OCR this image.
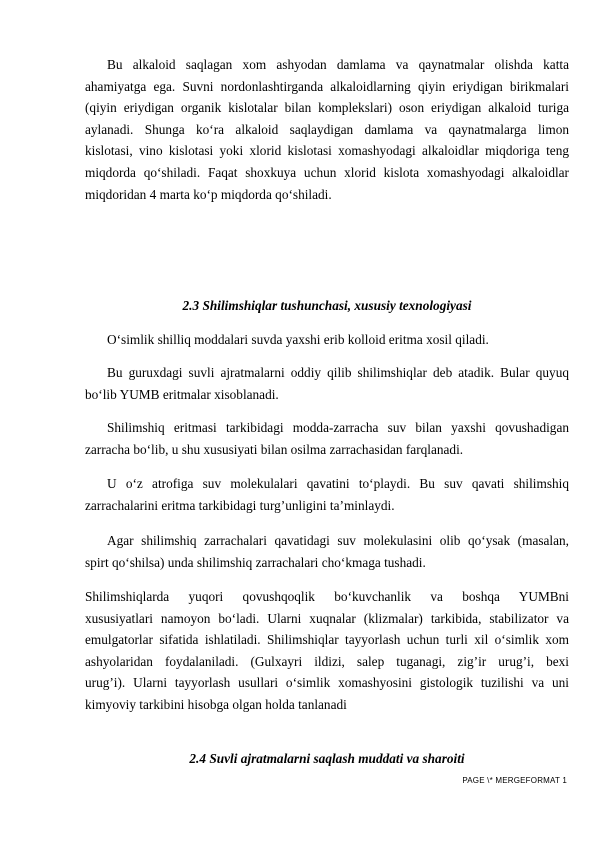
Bu alkaloid saqlagan xom ashyodan damlama va qaynatmalar olishda katta
ahamiyatga ega. Suvni nordonlashtirganda alkaloidlarning qiyin eriydigan birikmalari
(qiyin eriydigan organik kislotalar bilan komplekslari) oson eriydigan alkaloid turiga
aylanadi. Shunga ko‘ra alkaloid saqlaydigan damlama va qaynatmalarga limon
kislotasi, vino kislotasi yoki xlorid kislotasi xomashyodagi alkaloidlar miqdoriga teng
miqdorda qo‘shiladi. Faqat shoxkuya uchun xlorid kislota xomashyodagi alkaloidlar
miqdoridan 4 marta ko‘p miqdorda qo‘shiladi.

2.3 Shilimshiqlar tushunchasi, xususiy texnologiyasi

O‘simlik shilliq moddalari suvda yaxshi erib kolloid eritma xosil qiladi.
Bu guruxdagi suvli ajratmalarni oddiy qilib shilimshiqlar deb atadik. Bular quyuq
bo‘lib YUMB eritmalar xisoblanadi.
Shilimshiq eritmasi tarkibidagi modda-zarracha suv bilan yaxshi qovushadigan
zarracha bo‘lib, u shu xususiyati bilan osilma zarrachasidan farqlanadi.
U o‘z atrofiga suv molekulalari qavatini to‘playdi. Bu suv qavati shilimshiq
zarrachalarini eritma tarkibidagi turg’unligini ta’minlaydi.
Agar shilimshiq zarrachalari qavatidagi suv molekulasini olib qo‘ysak (masalan,
spirt qo‘shilsa) unda shilimshiq zarrachalari cho‘kmaga tushadi.
Shilimshiqlarda yuqori qovushqoqlik bo‘kuvchanlik va boshqa YUMBni
xususiyatlari namoyon bo‘ladi. Ularni xuqnalar (klizmalar) tarkibida, stabilizator va
emulgatorlar sifatida ishlatiladi. Shilimshiqlar tayyorlash uchun turli xil o‘simlik xom
ashyolaridan foydalaniladi. (Gulxayri ildizi, salep tuganagi, zig’ir urug’i, bexi
urug’i). Ularni tayyorlash usullari o‘simlik xomashyosini gistologik tuzilishi va uni
kimyoviy tarkibini hisobga olgan holda tanlanadi

2.4 Suvli ajratmalarni saqlash muddati va sharoiti

PAGE \* MERGEFORMAT 1
